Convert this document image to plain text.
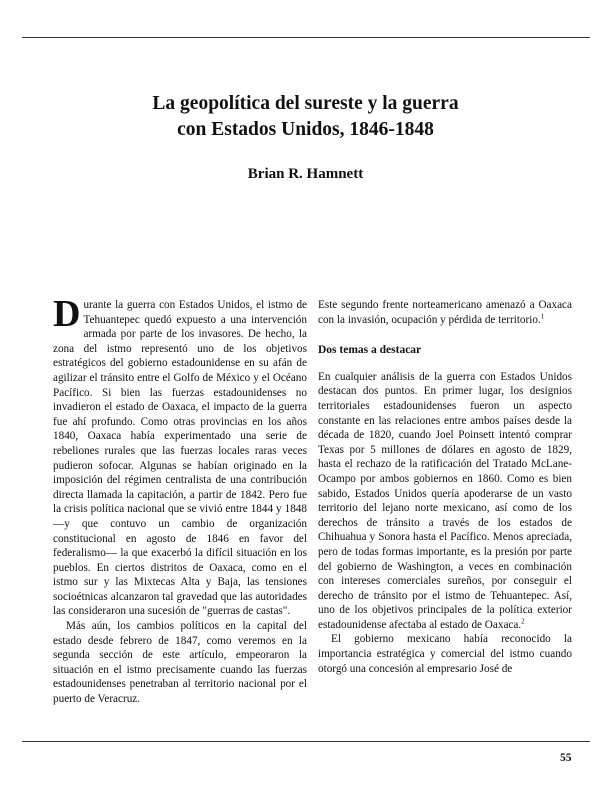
La geopolítica del sureste y la guerra
con Estados Unidos, 1846-1848
Brian R. Hamnett

Durante la guerra con Estados Unidos, el istmo de Tehuantepec quedó expuesto a una intervención armada por parte de los invasores. De hecho, la zona del istmo representó uno de los objetivos estratégicos del gobierno estadounidense en su afán de agilizar el tránsito entre el Golfo de México y el Océano Pacífico. Si bien las fuerzas estadounidenses no invadieron el estado de Oaxaca, el impacto de la guerra fue ahí profundo. Como otras provincias en los años 1840, Oaxaca había experimentado una serie de rebeliones rurales que las fuerzas locales raras veces pudieron sofocar. Algunas se habían originado en la imposición del régimen centralista de una contribución directa llamada la capitación, a partir de 1842. Pero fue la crisis política nacional que se vivió entre 1844 y 1848 —y que contuvo un cambio de organización constitucional en agosto de 1846 en favor del federalismo— la que exacerbó la difícil situación en los pueblos. En ciertos distritos de Oaxaca, como en el istmo sur y las Mixtecas Alta y Baja, las tensiones socioétnicas alcanzaron tal gravedad que las autoridades las consideraron una sucesión de "guerras de castas".

Más aún, los cambios políticos en la capital del estado desde febrero de 1847, como veremos en la segunda sección de este artículo, empeoraron la situación en el istmo precisamente cuando las fuerzas estadounidenses penetraban al territorio nacional por el puerto de Veracruz.

Este segundo frente norteamericano amenazó a Oaxaca con la invasión, ocupación y pérdida de territorio.$^1$

Dos temas a destacar

En cualquier análisis de la guerra con Estados Unidos destacan dos puntos. En primer lugar, los designios territoriales estadounidenses fueron un aspecto constante en las relaciones entre ambos países desde la década de 1820, cuando Joel Poinsett intentó comprar Texas por 5 millones de dólares en agosto de 1829, hasta el rechazo de la ratificación del Tratado McLane-Ocampo por ambos gobiernos en 1860. Como es bien sabido, Estados Unidos quería apoderarse de un vasto territorio del lejano norte mexicano, así como de los derechos de tránsito a través de los estados de Chihuahua y Sonora hasta el Pacífico. Menos apreciada, pero de todas formas importante, es la presión por parte del gobierno de Washington, a veces en combinación con intereses comerciales sureños, por conseguir el derecho de tránsito por el istmo de Tehuantepec. Así, uno de los objetivos principales de la política exterior estadounidense afectaba al estado de Oaxaca.$^2$

El gobierno mexicano había reconocido la importancia estratégica y comercial del istmo cuando otorgó una concesión al empresario José de

55
